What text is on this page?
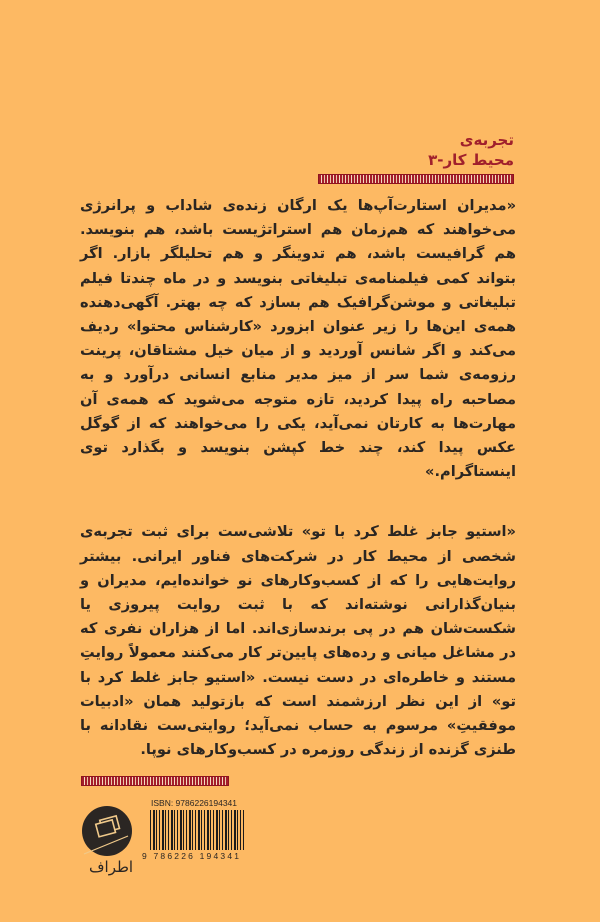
تجربه‌ی
محیط کار-۳

«مدیران استارت‌آپ‌ها یک ارگان زنده‌ی شاداب و پرانرژی می‌خواهند که هم‌زمان هم استراتژیست باشد، هم بنویسد. هم گرافیست باشد، هم تدوینگر و هم تحلیلگر بازار. اگر بتواند کمی فیلمنامه‌ی تبلیغاتی بنویسد و در ماه چندتا فیلم تبلیغاتی و موشن‌گرافیک هم بسازد که چه بهتر. آگهی‌دهنده همه‌ی این‌ها را زیر عنوان ابزورد «کارشناس محتوا» ردیف می‌کند و اگر شانس آوردید و از میان خیل مشتاقان، پرینت رزومه‌ی شما سر از میز مدیر منابع انسانی درآورد و به مصاحبه راه پیدا کردید، تازه متوجه می‌شوید که همه‌ی آن مهارت‌ها به کارتان نمی‌آید، یکی را می‌خواهند که از گوگل عکس پیدا کند، چند خط کپشن بنویسد و بگذارد توی اینستاگرام.»

«استیو جابز غلط کرد با تو» تلاشی‌ست برای ثبت تجربه‌ی شخصی از محیط کار در شرکت‌های فناور ایرانی. بیشتر روایت‌هایی را که از کسب‌وکارهای نو خوانده‌ایم، مدیران و بنیان‌گذارانی نوشته‌اند که با ثبت روایت پیروزی یا شکست‌شان هم در پی برندسازی‌اند. اما از هزاران نفری که در مشاغل میانی و رده‌های پایین‌تر کار می‌کنند معمولاً روایتِ مستند و خاطره‌ای در دست نیست. «استیو جابز غلط کرد با تو» از این نظر ارزشمند است که بازتولید همان «ادبیات موفقیتِ» مرسوم به حساب نمی‌آید؛ روایتی‌ست نقادانه با طنزی گزنده از زندگی روزمره در کسب‌وکارهای نوپا.

اطراف
ISBN: 9786226194341
9 786226 194341
